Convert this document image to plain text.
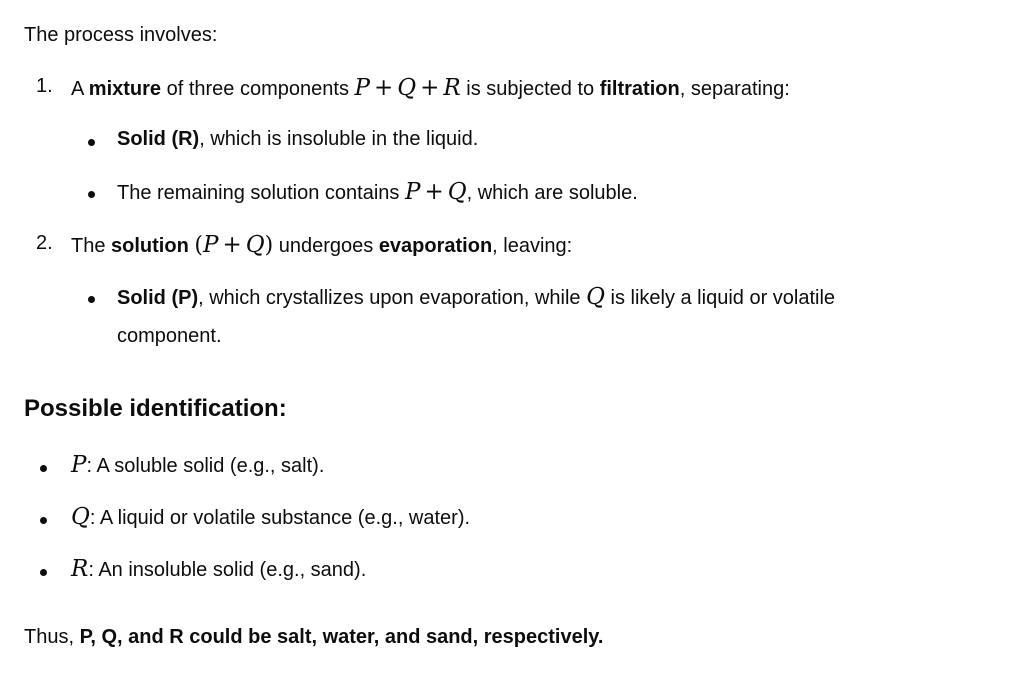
The process involves:
1. A mixture of three components P + Q + R is subjected to filtration, separating:
Solid (R), which is insoluble in the liquid.
The remaining solution contains P + Q, which are soluble.
2. The solution (P + Q) undergoes evaporation, leaving:
Solid (P), which crystallizes upon evaporation, while Q is likely a liquid or volatile
component.
Possible identification:
P: A soluble solid (e.g., salt).
Q: A liquid or volatile substance (e.g., water).
R: An insoluble solid (e.g., sand).
Thus, P, Q, and R could be salt, water, and sand, respectively.
